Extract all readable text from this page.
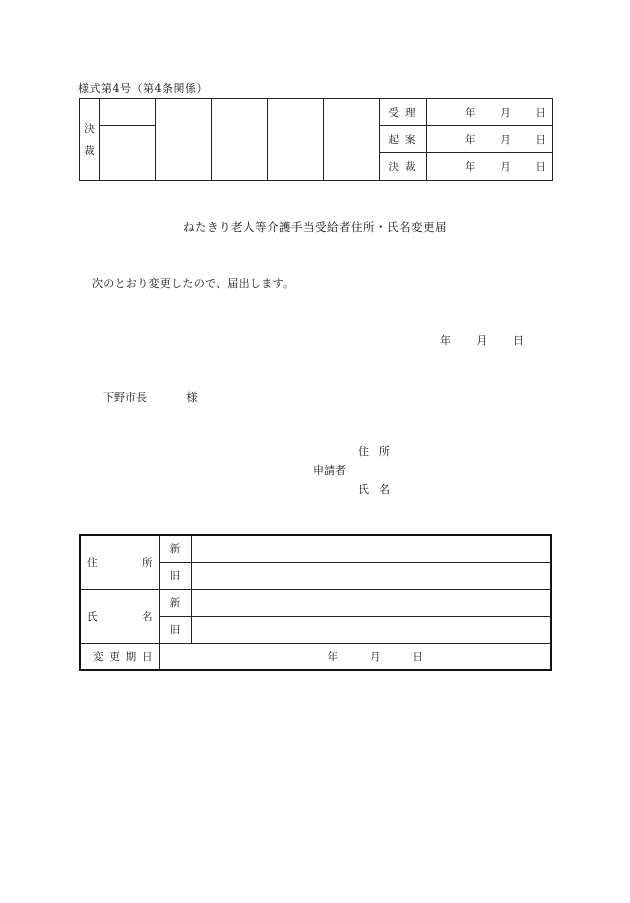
様式第4号（第4条関係）
決
裁						受理	年 月 日

						起案	年 月 日

						決裁	年 月 日
ねたきり老人等介護手当受給者住所・氏名変更届
次のとおり変更したので、届出します。
年 月 日
下野市長	様
住所
申請者
氏名
住 所	新	
	旧	

氏 名	新	
	旧	

変 更 期 日	年 月 日	
